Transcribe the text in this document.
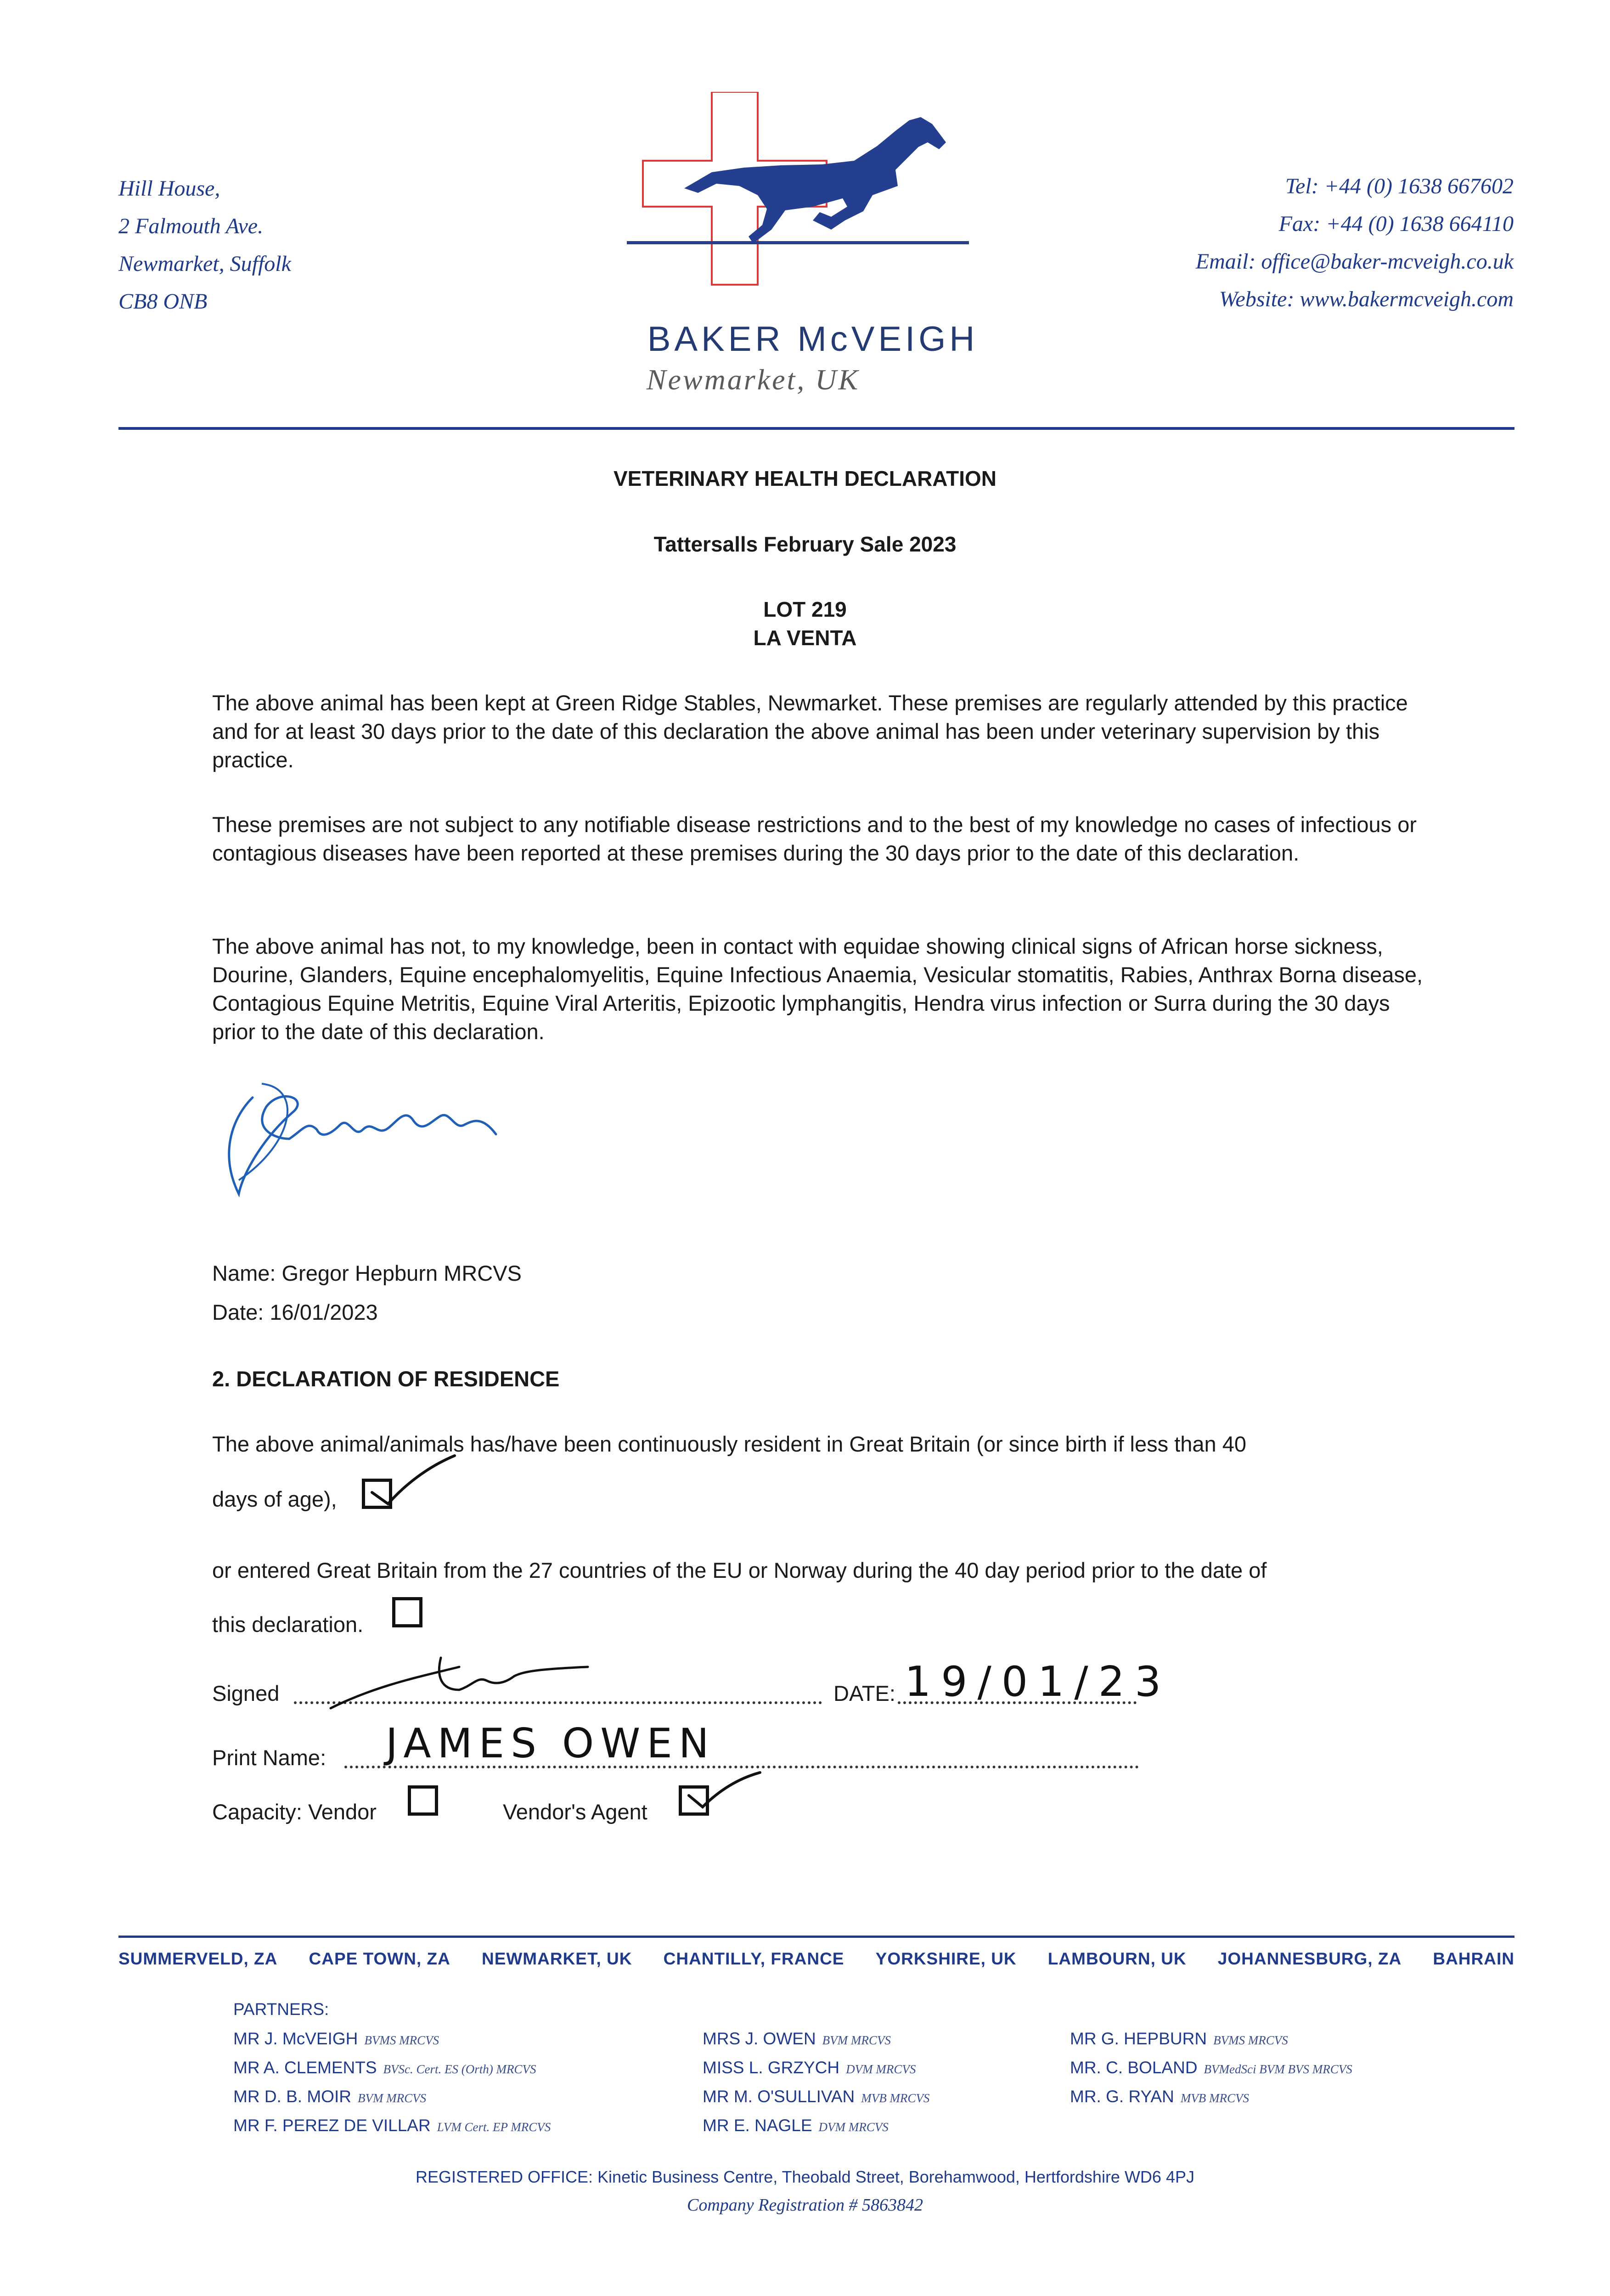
Hill House,
2 Falmouth Ave.
Newmarket, Suffolk
CB8 ONB
BAKER McVEIGH
Newmarket, UK
Tel: +44 (0) 1638 667602
Fax: +44 (0) 1638 664110
Email: office@baker-mcveigh.co.uk
Website: www.bakermcveigh.com
VETERINARY HEALTH DECLARATION
Tattersalls February Sale 2023
LOT 219
LA VENTA

The above animal has been kept at Green Ridge Stables, Newmarket. These premises are regularly attended by this practice and for at least 30 days prior to the date of this declaration the above animal has been under veterinary supervision by this practice.

These premises are not subject to any notifiable disease restrictions and to the best of my knowledge no cases of infectious or contagious diseases have been reported at these premises during the 30 days prior to the date of this declaration.

The above animal has not, to my knowledge, been in contact with equidae showing clinical signs of African horse sickness, Dourine, Glanders, Equine encephalomyelitis, Equine Infectious Anaemia, Vesicular stomatitis, Rabies, Anthrax Borna disease, Contagious Equine Metritis, Equine Viral Arteritis, Epizootic lymphangitis, Hendra virus infection or Surra during the 30 days prior to the date of this declaration.

Name: Gregor Hepburn MRCVS
Date: 16/01/2023
2. DECLARATION OF RESIDENCE
The above animal/animals has/have been continuously resident in Great Britain (or since birth if less than 40
days of age),
or entered Great Britain from the 27 countries of the EU or Norway during the 40 day period prior to the date of
this declaration.
Signed	DATE: 19/01/23
Print Name: JAMES OWEN
Capacity: Vendor	Vendor's Agent
SUMMERVELD, ZA CAPE TOWN, ZA NEWMARKET, UK CHANTILLY, FRANCE YORKSHIRE, UK LAMBOURN, UK JOHANNESBURG, ZA BAHRAIN
PARTNERS:
MR J. McVEIGH BVMS MRCVS
MR A. CLEMENTS BVSc. Cert. ES (Orth) MRCVS
MR D. B. MOIR BVM MRCVS
MR F. PEREZ DE VILLAR LVM Cert. EP MRCVS
MRS J. OWEN BVM MRCVS
MISS L. GRZYCH DVM MRCVS
MR M. O'SULLIVAN MVB MRCVS
MR E. NAGLE DVM MRCVS
MR G. HEPBURN BVMS MRCVS
MR. C. BOLAND BVMedSci BVM BVS MRCVS
MR. G. RYAN MVB MRCVS
REGISTERED OFFICE: Kinetic Business Centre, Theobald Street, Borehamwood, Hertfordshire WD6 4PJ
Company Registration # 5863842
